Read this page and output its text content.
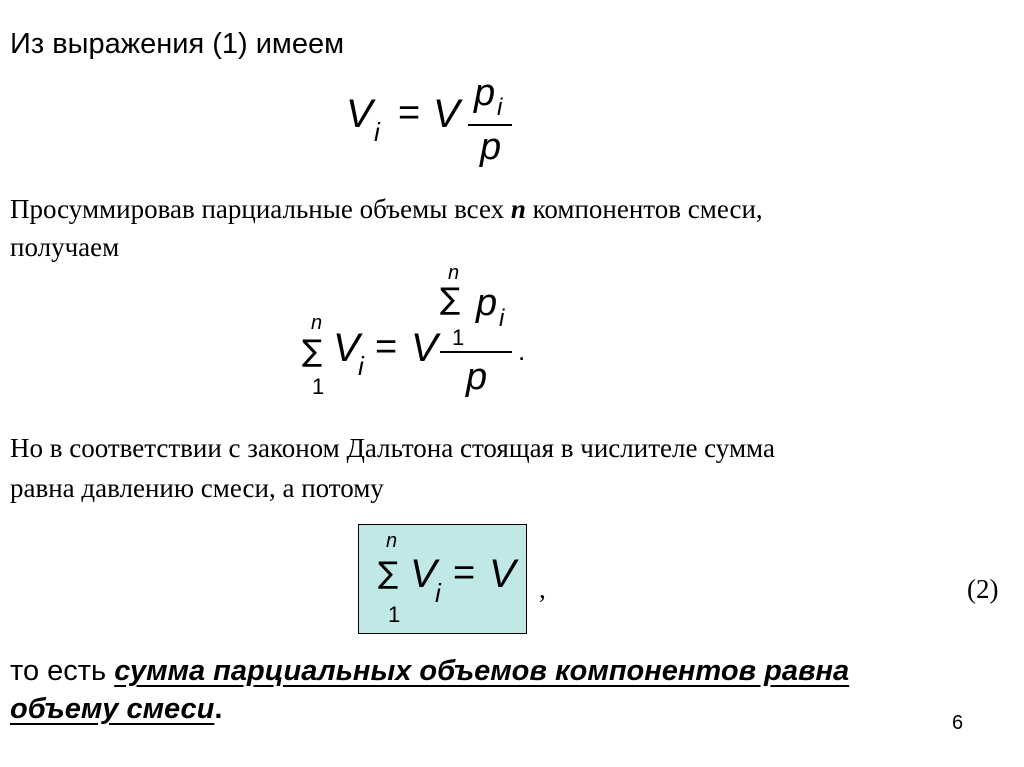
Из выражения (1) имеем
V i = V p i
p
Просуммировав парциальные объемы всех n компонентов смеси,
получаем
n
∑
1
V
i = V
n
∑
1
p i
.
p
Но в соответствии с законом Дальтона стоящая в числителе сумма
равна давлению смеси, а потому
n
∑
1
V
i = V ,	(2)
то есть сумма парциальных объемов компонентов равна
объему смеси.	6
